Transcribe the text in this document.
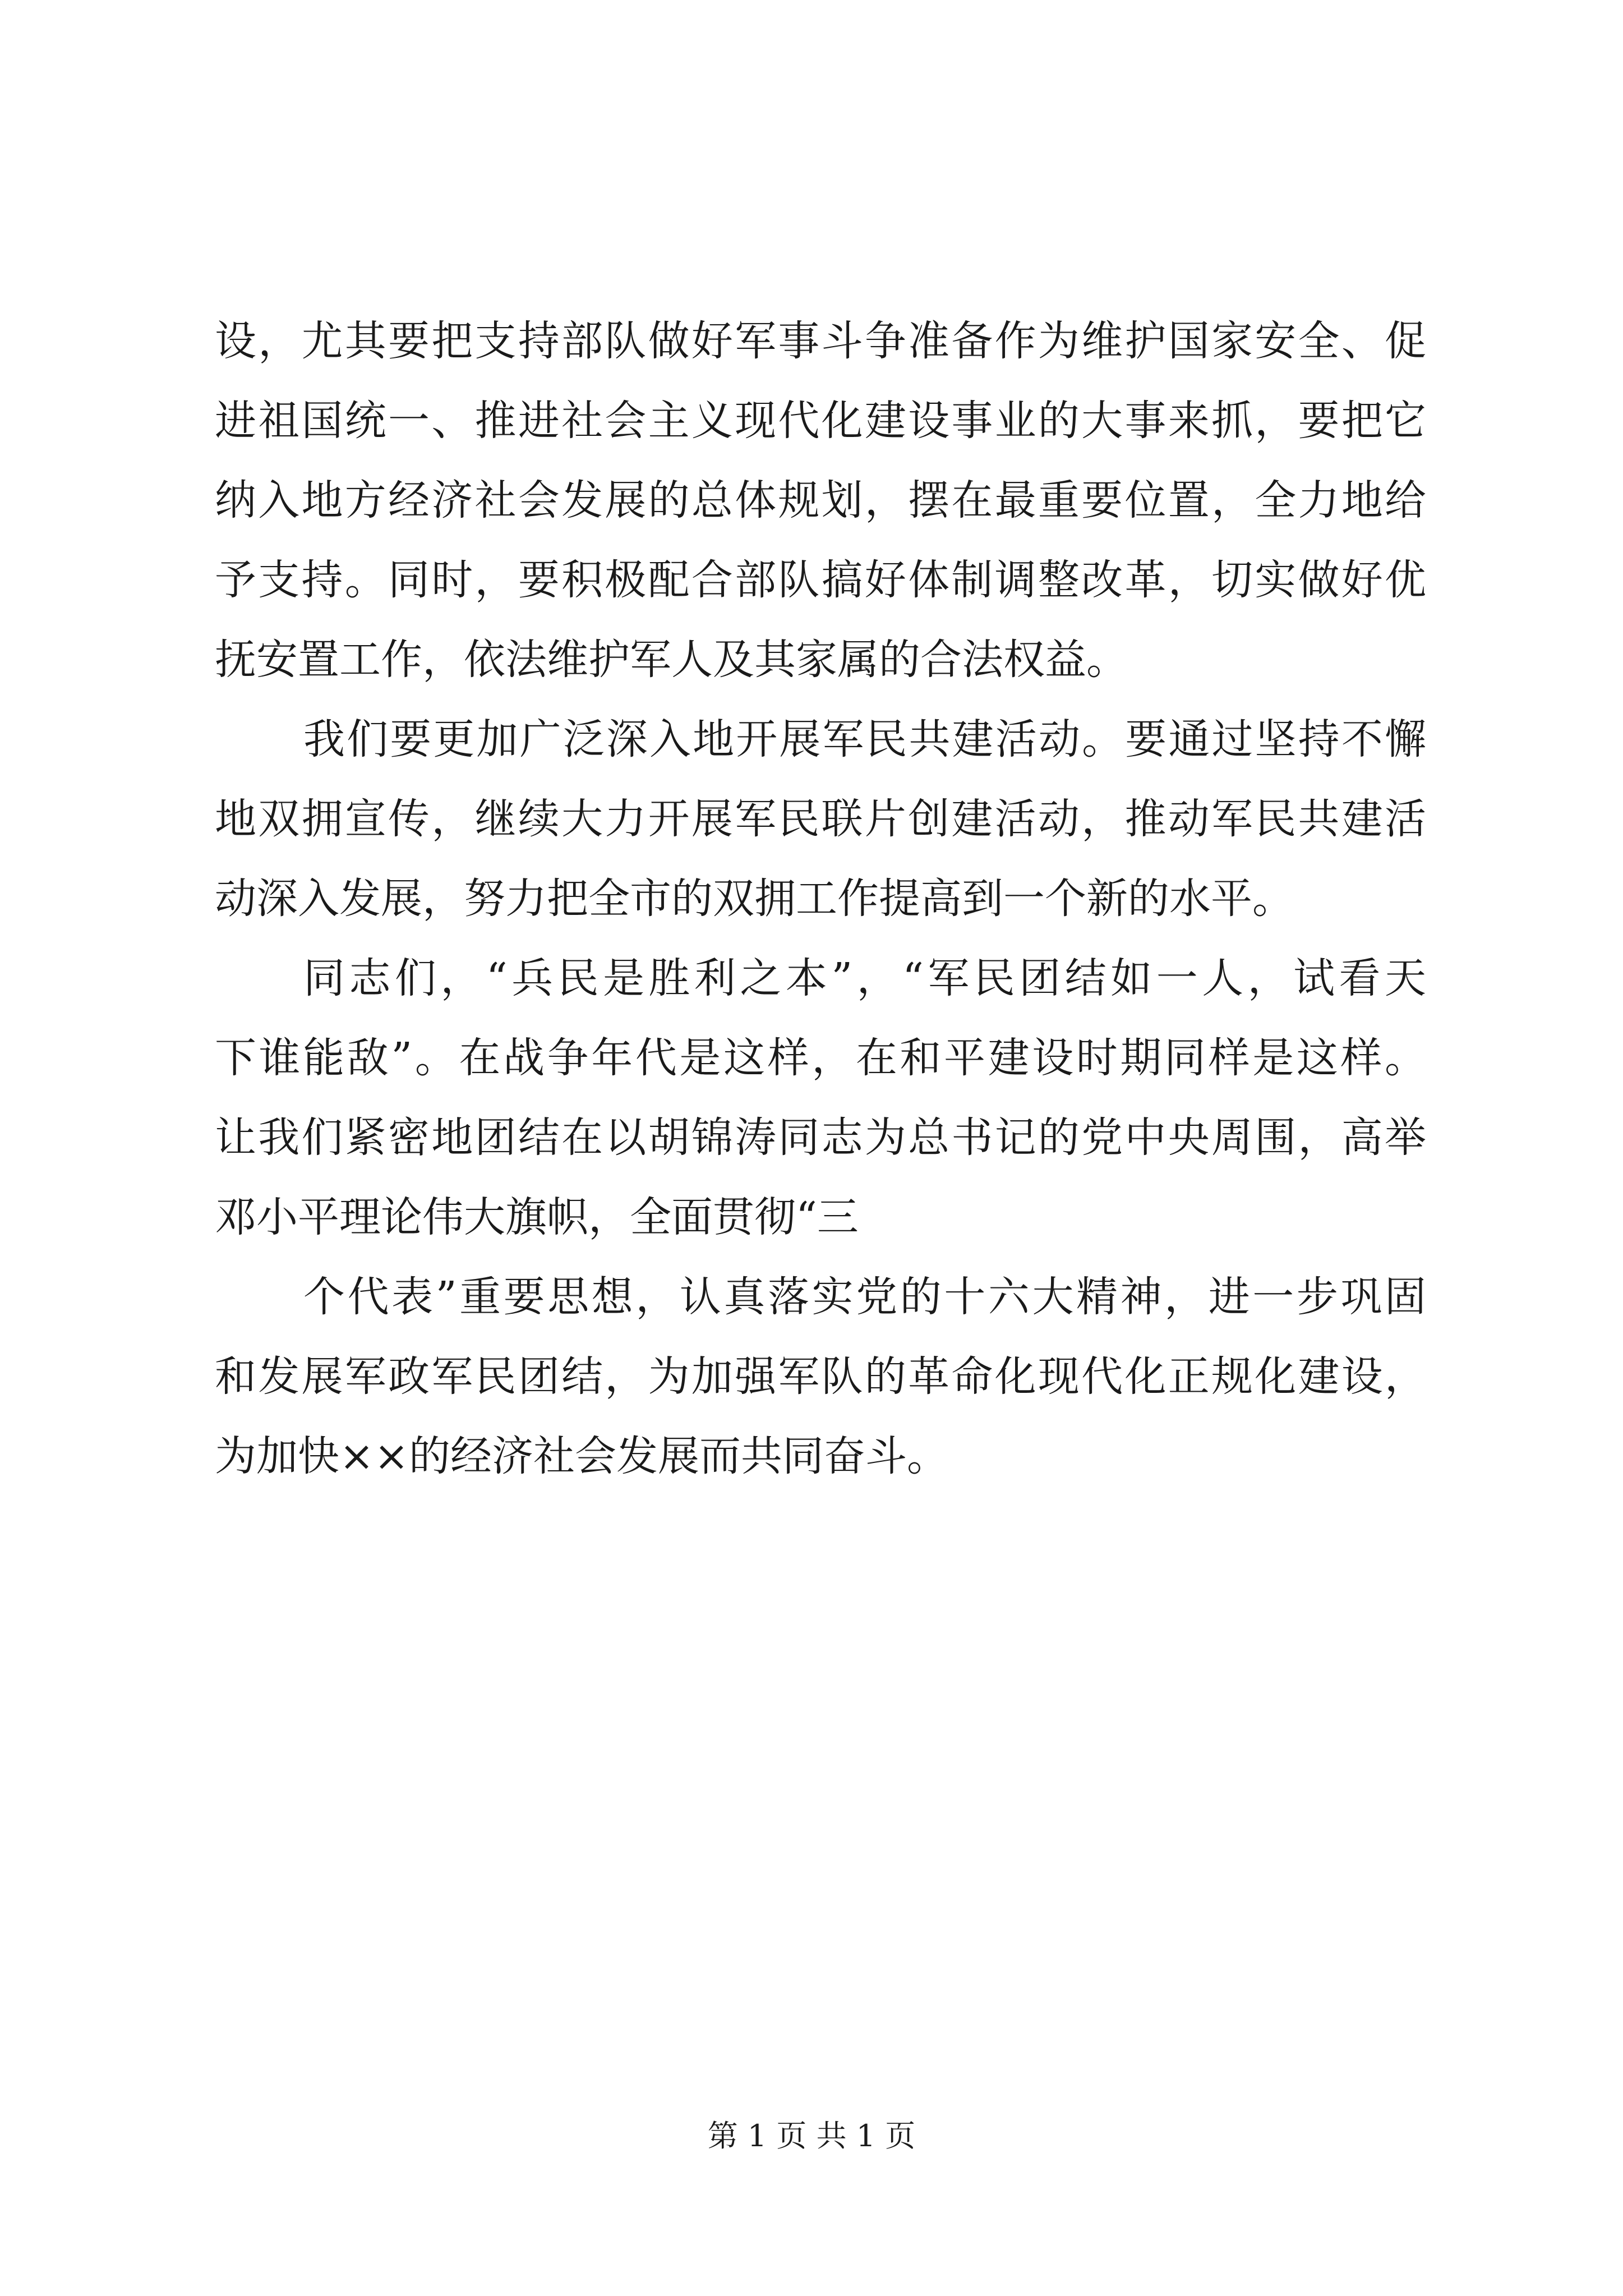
设，尤其要把支持部队做好军事斗争准备作为维护国家安全、促
进祖国统一、推进社会主义现代化建设事业的大事来抓，要把它
纳入地方经济社会发展的总体规划，摆在最重要位置，全力地给
予支持。同时，要积极配合部队搞好体制调整改革，切实做好优
抚安置工作，依法维护军人及其家属的合法权益。
我们要更加广泛深入地开展军民共建活动。要通过坚持不懈
地双拥宣传，继续大力开展军民联片创建活动，推动军民共建活
动深入发展，努力把全市的双拥工作提高到一个新的水平。
同志们，“兵民是胜利之本”，“军民团结如一人，试看天
下谁能敌”。在战争年代是这样，在和平建设时期同样是这样。
让我们紧密地团结在以胡锦涛同志为总书记的党中央周围，高举
邓小平理论伟大旗帜，全面贯彻“三
个代表”重要思想，认真落实党的十六大精神，进一步巩固
和发展军政军民团结，为加强军队的革命化现代化正规化建设，
为加快××的经济社会发展而共同奋斗。
第 1 页 共 1 页
